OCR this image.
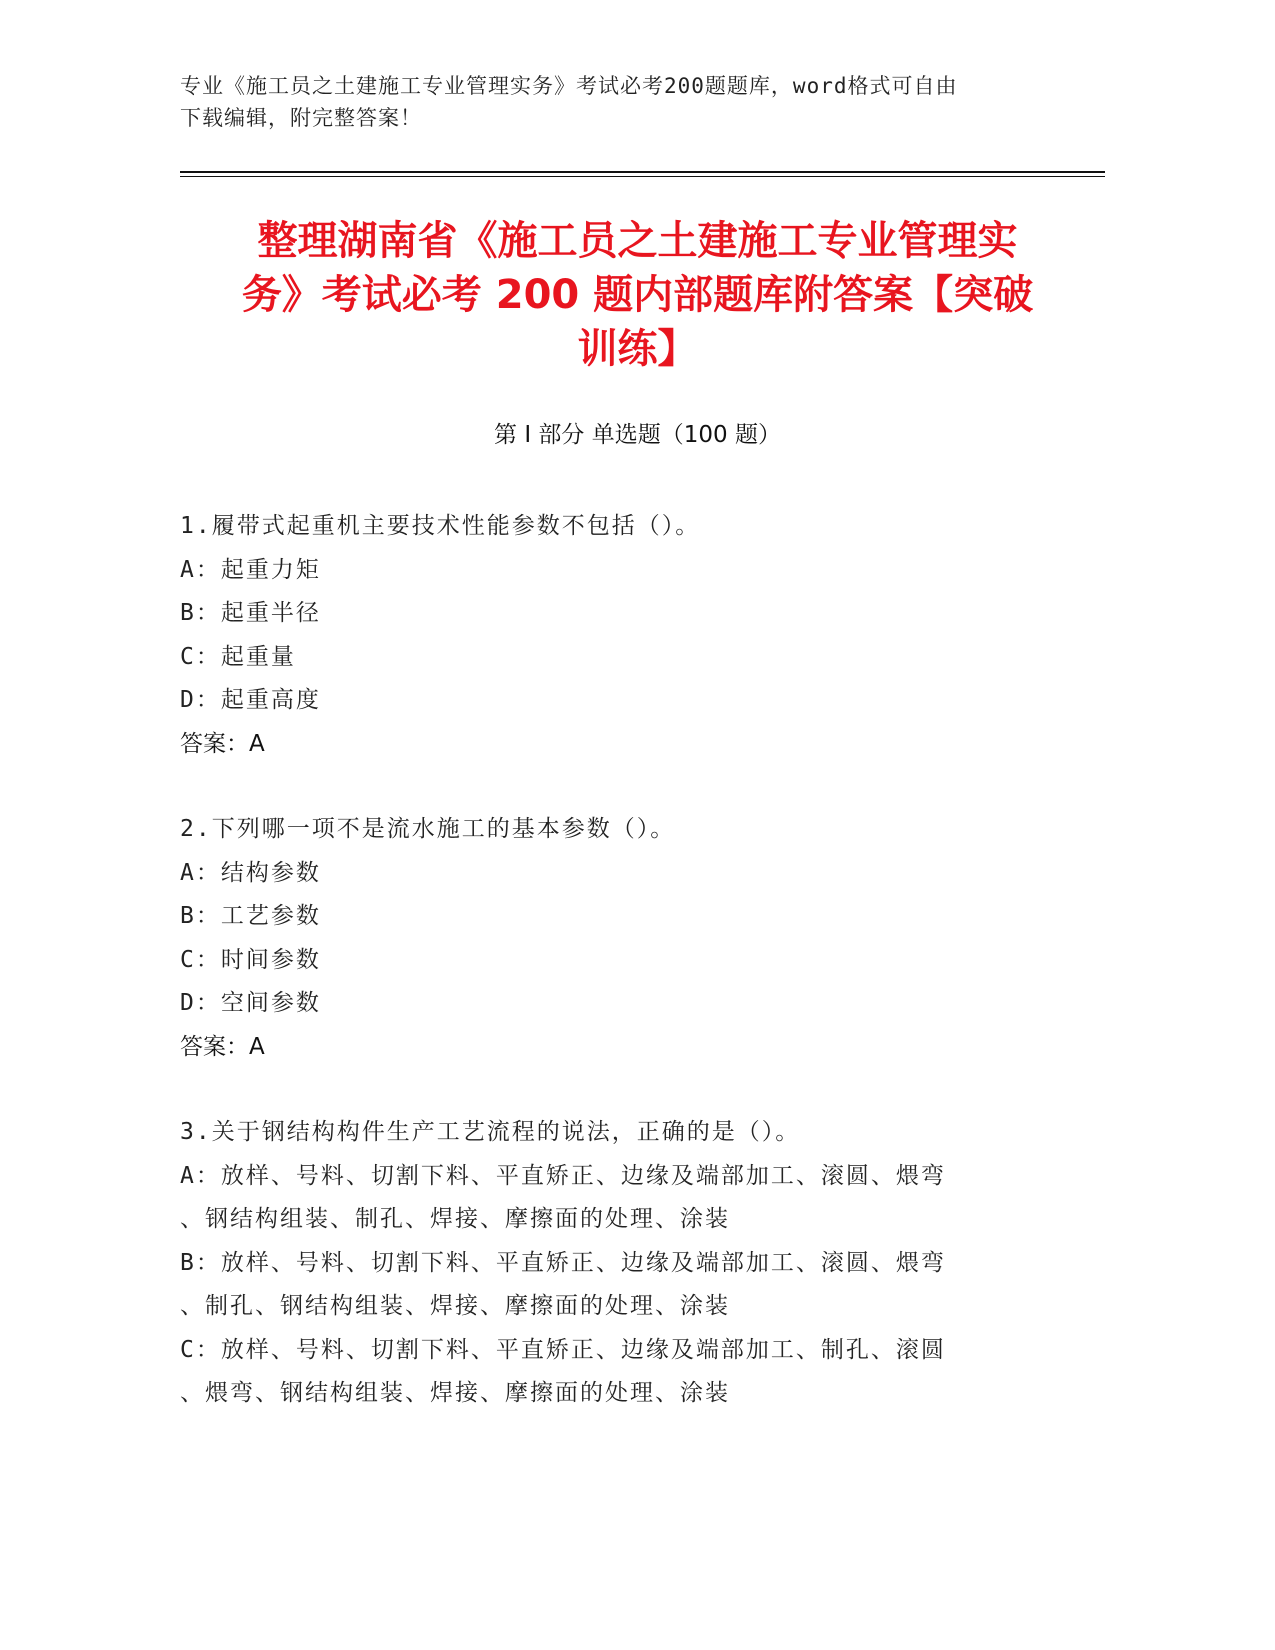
专业《施工员之土建施工专业管理实务》考试必考200题题库，word格式可自由
下载编辑，附完整答案！
整理湖南省《施工员之土建施工专业管理实
务》考试必考 200 题内部题库附答案【突破
训练】
第 I 部分 单选题（100 题）
1.履带式起重机主要技术性能参数不包括（）。
A：起重力矩
B：起重半径
C：起重量
D：起重高度
答案：A
2.下列哪一项不是流水施工的基本参数（）。
A：结构参数
B：工艺参数
C：时间参数
D：空间参数
答案：A
3.关于钢结构构件生产工艺流程的说法，正确的是（）。
A：放样、号料、切割下料、平直矫正、边缘及端部加工、滚圆、煨弯
、钢结构组装、制孔、焊接、摩擦面的处理、涂装
B：放样、号料、切割下料、平直矫正、边缘及端部加工、滚圆、煨弯
、制孔、钢结构组装、焊接、摩擦面的处理、涂装
C：放样、号料、切割下料、平直矫正、边缘及端部加工、制孔、滚圆
、煨弯、钢结构组装、焊接、摩擦面的处理、涂装
